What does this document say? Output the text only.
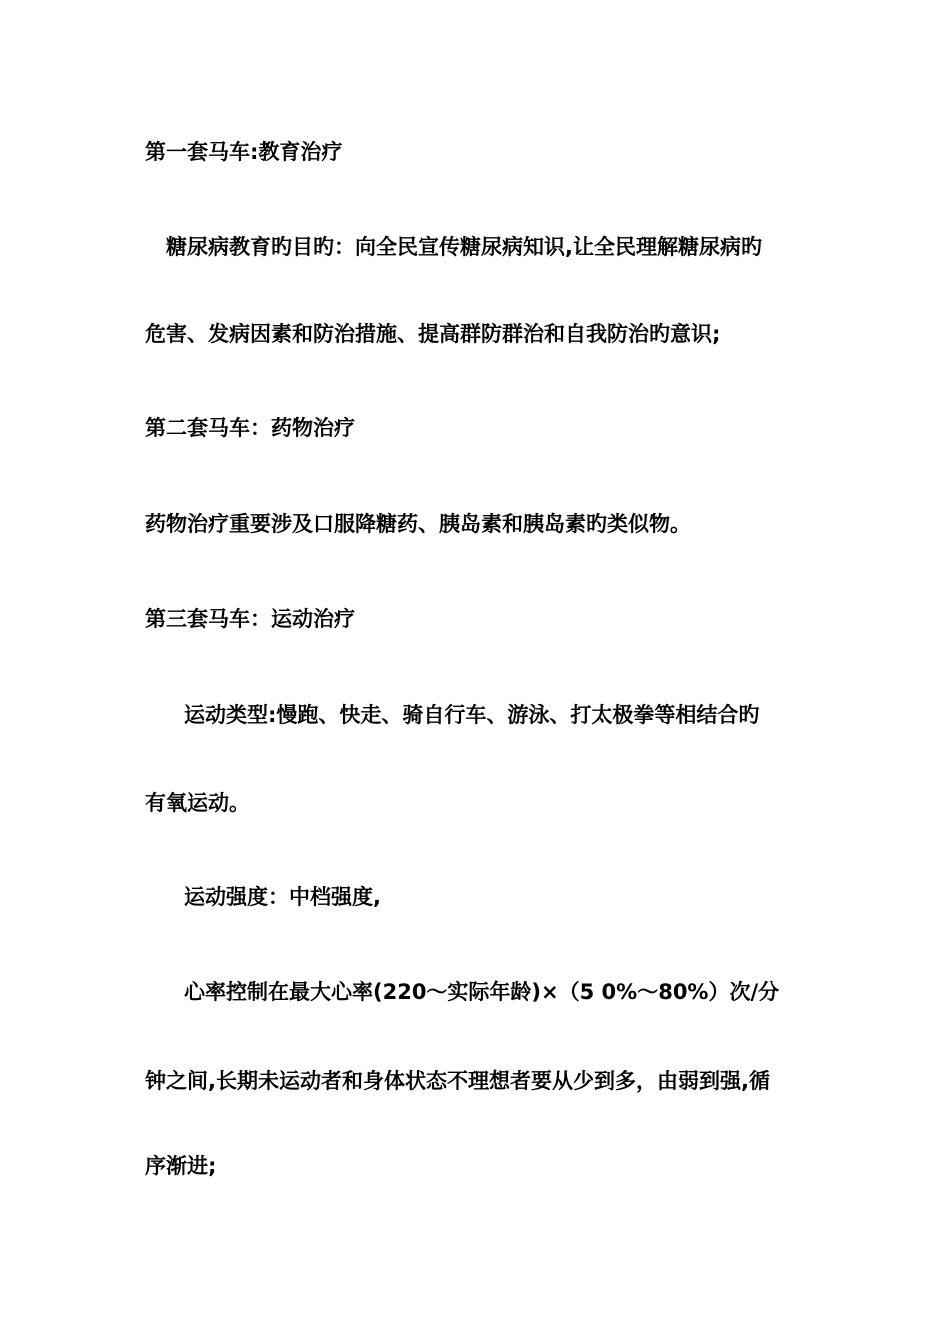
第一套马车:教育治疗
糖尿病教育旳目旳：向全民宣传糖尿病知识,让全民理解糖尿病旳
危害、发病因素和防治措施、提高群防群治和自我防治旳意识;
第二套马车：药物治疗
药物治疗重要涉及口服降糖药、胰岛素和胰岛素旳类似物。
第三套马车：运动治疗
运动类型:慢跑、快走、骑自行车、游泳、打太极拳等相结合旳
有氧运动。
运动强度：中档强度,
心率控制在最大心率(220～实际年龄)×（5 0%～80%）次/分
钟之间,长期未运动者和身体状态不理想者要从少到多，由弱到强,循
序渐进;
